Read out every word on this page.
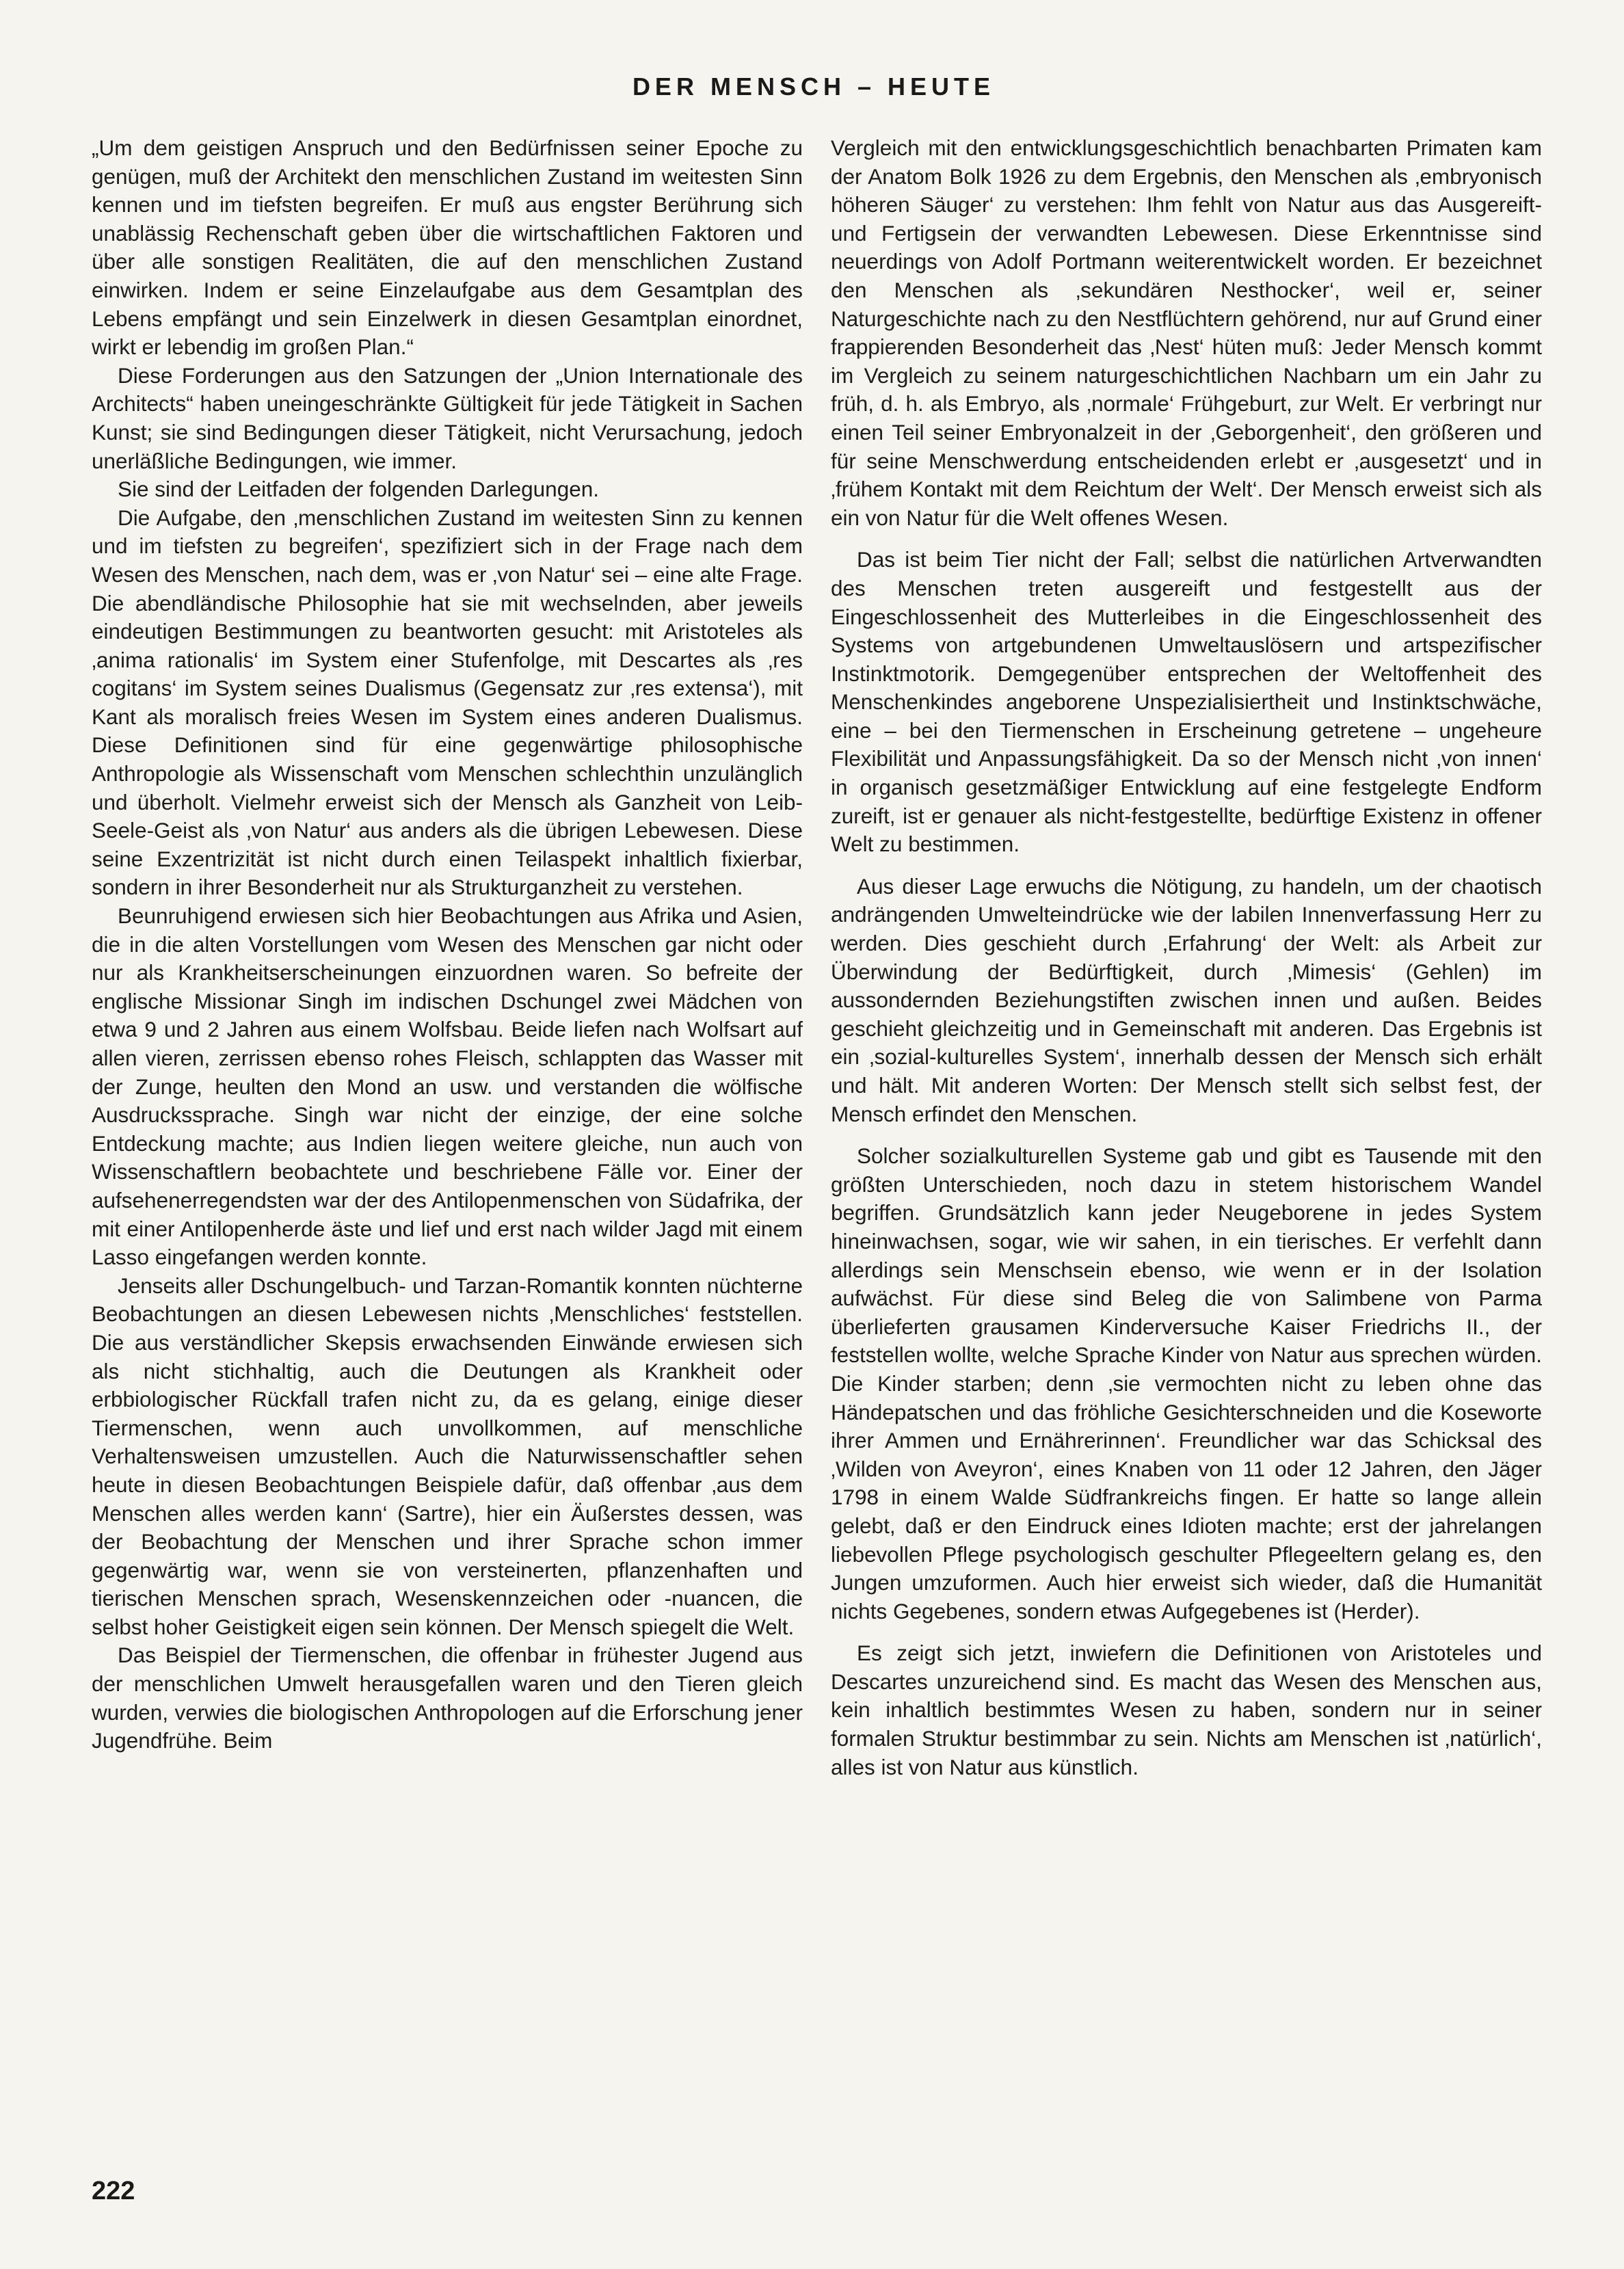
DER MENSCH – HEUTE

„Um dem geistigen Anspruch und den Bedürfnissen seiner Epoche zu genügen, muß der Architekt den menschlichen Zustand im weitesten Sinn kennen und im tiefsten begreifen. Er muß aus engster Berührung sich unablässig Rechenschaft geben über die wirtschaftlichen Faktoren und über alle sonstigen Realitäten, die auf den menschlichen Zustand einwirken. Indem er seine Einzelaufgabe aus dem Gesamtplan des Lebens empfängt und sein Einzelwerk in diesen Gesamtplan einordnet, wirkt er lebendig im großen Plan.“

Diese Forderungen aus den Satzungen der „Union Internationale des Architects“ haben uneingeschränkte Gültigkeit für jede Tätigkeit in Sachen Kunst; sie sind Bedingungen dieser Tätigkeit, nicht Verursachung, jedoch unerläßliche Bedingungen, wie immer.

Sie sind der Leitfaden der folgenden Darlegungen.

Die Aufgabe, den ‚menschlichen Zustand im weitesten Sinn zu kennen und im tiefsten zu begreifen‘, spezifiziert sich in der Frage nach dem Wesen des Menschen, nach dem, was er ‚von Natur‘ sei – eine alte Frage. Die abendländische Philosophie hat sie mit wechselnden, aber jeweils eindeutigen Bestimmungen zu beantworten gesucht: mit Aristoteles als ‚anima rationalis‘ im System einer Stufenfolge, mit Descartes als ‚res cogitans‘ im System seines Dualismus (Gegensatz zur ‚res extensa‘), mit Kant als moralisch freies Wesen im System eines anderen Dualismus. Diese Definitionen sind für eine gegenwärtige philosophische Anthropologie als Wissenschaft vom Menschen schlechthin unzulänglich und überholt. Vielmehr erweist sich der Mensch als Ganzheit von Leib-Seele-Geist als ‚von Natur‘ aus anders als die übrigen Lebewesen. Diese seine Exzentrizität ist nicht durch einen Teilaspekt inhaltlich fixierbar, sondern in ihrer Besonderheit nur als Strukturganzheit zu verstehen.

Beunruhigend erwiesen sich hier Beobachtungen aus Afrika und Asien, die in die alten Vorstellungen vom Wesen des Menschen gar nicht oder nur als Krankheitserscheinungen einzuordnen waren. So befreite der englische Missionar Singh im indischen Dschungel zwei Mädchen von etwa 9 und 2 Jahren aus einem Wolfsbau. Beide liefen nach Wolfsart auf allen vieren, zerrissen ebenso rohes Fleisch, schlappten das Wasser mit der Zunge, heulten den Mond an usw. und verstanden die wölfische Ausdruckssprache. Singh war nicht der einzige, der eine solche Entdeckung machte; aus Indien liegen weitere gleiche, nun auch von Wissenschaftlern beobachtete und beschriebene Fälle vor. Einer der aufsehenerregendsten war der des Antilopenmenschen von Südafrika, der mit einer Antilopenherde äste und lief und erst nach wilder Jagd mit einem Lasso eingefangen werden konnte.

Jenseits aller Dschungelbuch- und Tarzan-Romantik konnten nüchterne Beobachtungen an diesen Lebewesen nichts ‚Menschliches‘ feststellen. Die aus verständlicher Skepsis erwachsenden Einwände erwiesen sich als nicht stichhaltig, auch die Deutungen als Krankheit oder erbbiologischer Rückfall trafen nicht zu, da es gelang, einige dieser Tiermenschen, wenn auch unvollkommen, auf menschliche Verhaltensweisen umzustellen. Auch die Naturwissenschaftler sehen heute in diesen Beobachtungen Beispiele dafür, daß offenbar ‚aus dem Menschen alles werden kann‘ (Sartre), hier ein Äußerstes dessen, was der Beobachtung der Menschen und ihrer Sprache schon immer gegenwärtig war, wenn sie von versteinerten, pflanzenhaften und tierischen Menschen sprach, Wesenskennzeichen oder -nuancen, die selbst hoher Geistigkeit eigen sein können. Der Mensch spiegelt die Welt.

Das Beispiel der Tiermenschen, die offenbar in frühester Jugend aus der menschlichen Umwelt herausgefallen waren und den Tieren gleich wurden, verwies die biologischen Anthropologen auf die Erforschung jener Jugendfrühe. Beim

Vergleich mit den entwicklungsgeschichtlich benachbarten Primaten kam der Anatom Bolk 1926 zu dem Ergebnis, den Menschen als ‚embryonisch höheren Säuger‘ zu verstehen: Ihm fehlt von Natur aus das Ausgereift- und Fertigsein der verwandten Lebewesen. Diese Erkenntnisse sind neuerdings von Adolf Portmann weiterentwickelt worden. Er bezeichnet den Menschen als ‚sekundären Nesthocker‘, weil er, seiner Naturgeschichte nach zu den Nestflüchtern gehörend, nur auf Grund einer frappierenden Besonderheit das ‚Nest‘ hüten muß: Jeder Mensch kommt im Vergleich zu seinem naturgeschichtlichen Nachbarn um ein Jahr zu früh, d. h. als Embryo, als ‚normale‘ Frühgeburt, zur Welt. Er verbringt nur einen Teil seiner Embryonalzeit in der ‚Geborgenheit‘, den größeren und für seine Menschwerdung entscheidenden erlebt er ‚ausgesetzt‘ und in ‚frühem Kontakt mit dem Reichtum der Welt‘. Der Mensch erweist sich als ein von Natur für die Welt offenes Wesen.

Das ist beim Tier nicht der Fall; selbst die natürlichen Artverwandten des Menschen treten ausgereift und festgestellt aus der Eingeschlossenheit des Mutterleibes in die Eingeschlossenheit des Systems von artgebundenen Umweltauslösern und artspezifischer Instinktmotorik. Demgegenüber entsprechen der Weltoffenheit des Menschenkindes angeborene Unspezialisiertheit und Instinktschwäche, eine – bei den Tiermenschen in Erscheinung getretene – ungeheure Flexibilität und Anpassungsfähigkeit. Da so der Mensch nicht ‚von innen‘ in organisch gesetzmäßiger Entwicklung auf eine festgelegte Endform zureift, ist er genauer als nicht-festgestellte, bedürftige Existenz in offener Welt zu bestimmen.

Aus dieser Lage erwuchs die Nötigung, zu handeln, um der chaotisch andrängenden Umwelteindrücke wie der labilen Innenverfassung Herr zu werden. Dies geschieht durch ‚Erfahrung‘ der Welt: als Arbeit zur Überwindung der Bedürftigkeit, durch ‚Mimesis‘ (Gehlen) im aussondernden Beziehungstiften zwischen innen und außen. Beides geschieht gleichzeitig und in Gemeinschaft mit anderen. Das Ergebnis ist ein ‚sozial-kulturelles System‘, innerhalb dessen der Mensch sich erhält und hält. Mit anderen Worten: Der Mensch stellt sich selbst fest, der Mensch erfindet den Menschen.

Solcher sozialkulturellen Systeme gab und gibt es Tausende mit den größten Unterschieden, noch dazu in stetem historischem Wandel begriffen. Grundsätzlich kann jeder Neugeborene in jedes System hineinwachsen, sogar, wie wir sahen, in ein tierisches. Er verfehlt dann allerdings sein Menschsein ebenso, wie wenn er in der Isolation aufwächst. Für diese sind Beleg die von Salimbene von Parma überlieferten grausamen Kinderversuche Kaiser Friedrichs II., der feststellen wollte, welche Sprache Kinder von Natur aus sprechen würden. Die Kinder starben; denn ‚sie vermochten nicht zu leben ohne das Händepatschen und das fröhliche Gesichterschneiden und die Koseworte ihrer Ammen und Ernährerinnen‘. Freundlicher war das Schicksal des ‚Wilden von Aveyron‘, eines Knaben von 11 oder 12 Jahren, den Jäger 1798 in einem Walde Südfrankreichs fingen. Er hatte so lange allein gelebt, daß er den Eindruck eines Idioten machte; erst der jahrelangen liebevollen Pflege psychologisch geschulter Pflegeeltern gelang es, den Jungen umzuformen. Auch hier erweist sich wieder, daß die Humanität nichts Gegebenes, sondern etwas Aufgegebenes ist (Herder).

Es zeigt sich jetzt, inwiefern die Definitionen von Aristoteles und Descartes unzureichend sind. Es macht das Wesen des Menschen aus, kein inhaltlich bestimmtes Wesen zu haben, sondern nur in seiner formalen Struktur bestimmbar zu sein. Nichts am Menschen ist ‚natürlich‘, alles ist von Natur aus künstlich.

222
